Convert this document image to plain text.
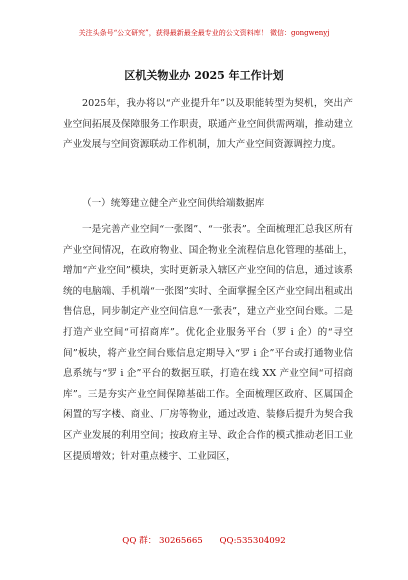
关注头条号“公文研究”，获得最新最全最专业的公文资料库！ 微信：gongwenyj
区机关物业办 2025 年工作计划

2025年，我办将以“产业提升年”以及职能转型为契机，突出产业空间拓展及保障服务工作职责，联通产业空间供需两端，推动建立产业发展与空间资源联动工作机制，加大产业空间资源调控力度。

（一）统筹建立健全产业空间供给端数据库

一是完善产业空间“一张图”、“一张表”。全面梳理汇总我区所有产业空间情况，在政府物业、国企物业全流程信息化管理的基础上，增加“产业空间”模块，实时更新录入辖区产业空间的信息，通过该系统的电脑端、手机端“一张图”实时、全面掌握全区产业空间出租或出售信息，同步制定产业空间信息“一张表”，建立产业空间台账。二是打造产业空间“可招商库”。优化企业服务平台（罗 i 企）的“寻空间”板块，将产业空间台账信息定期导入“罗 i 企”平台或打通物业信息系统与“罗 i 企”平台的数据互联，打造在线 XX 产业空间“可招商库”。三是夯实产业空间保障基础工作。全面梳理区政府、区属国企闲置的写字楼、商业、厂房等物业，通过改造、装修后提升为契合我区产业发展的利用空间；按政府主导、政企合作的模式推动老旧工业区提质增效；针对重点楼宇、工业园区，

QQ 群： 30265665 QQ:535304092
